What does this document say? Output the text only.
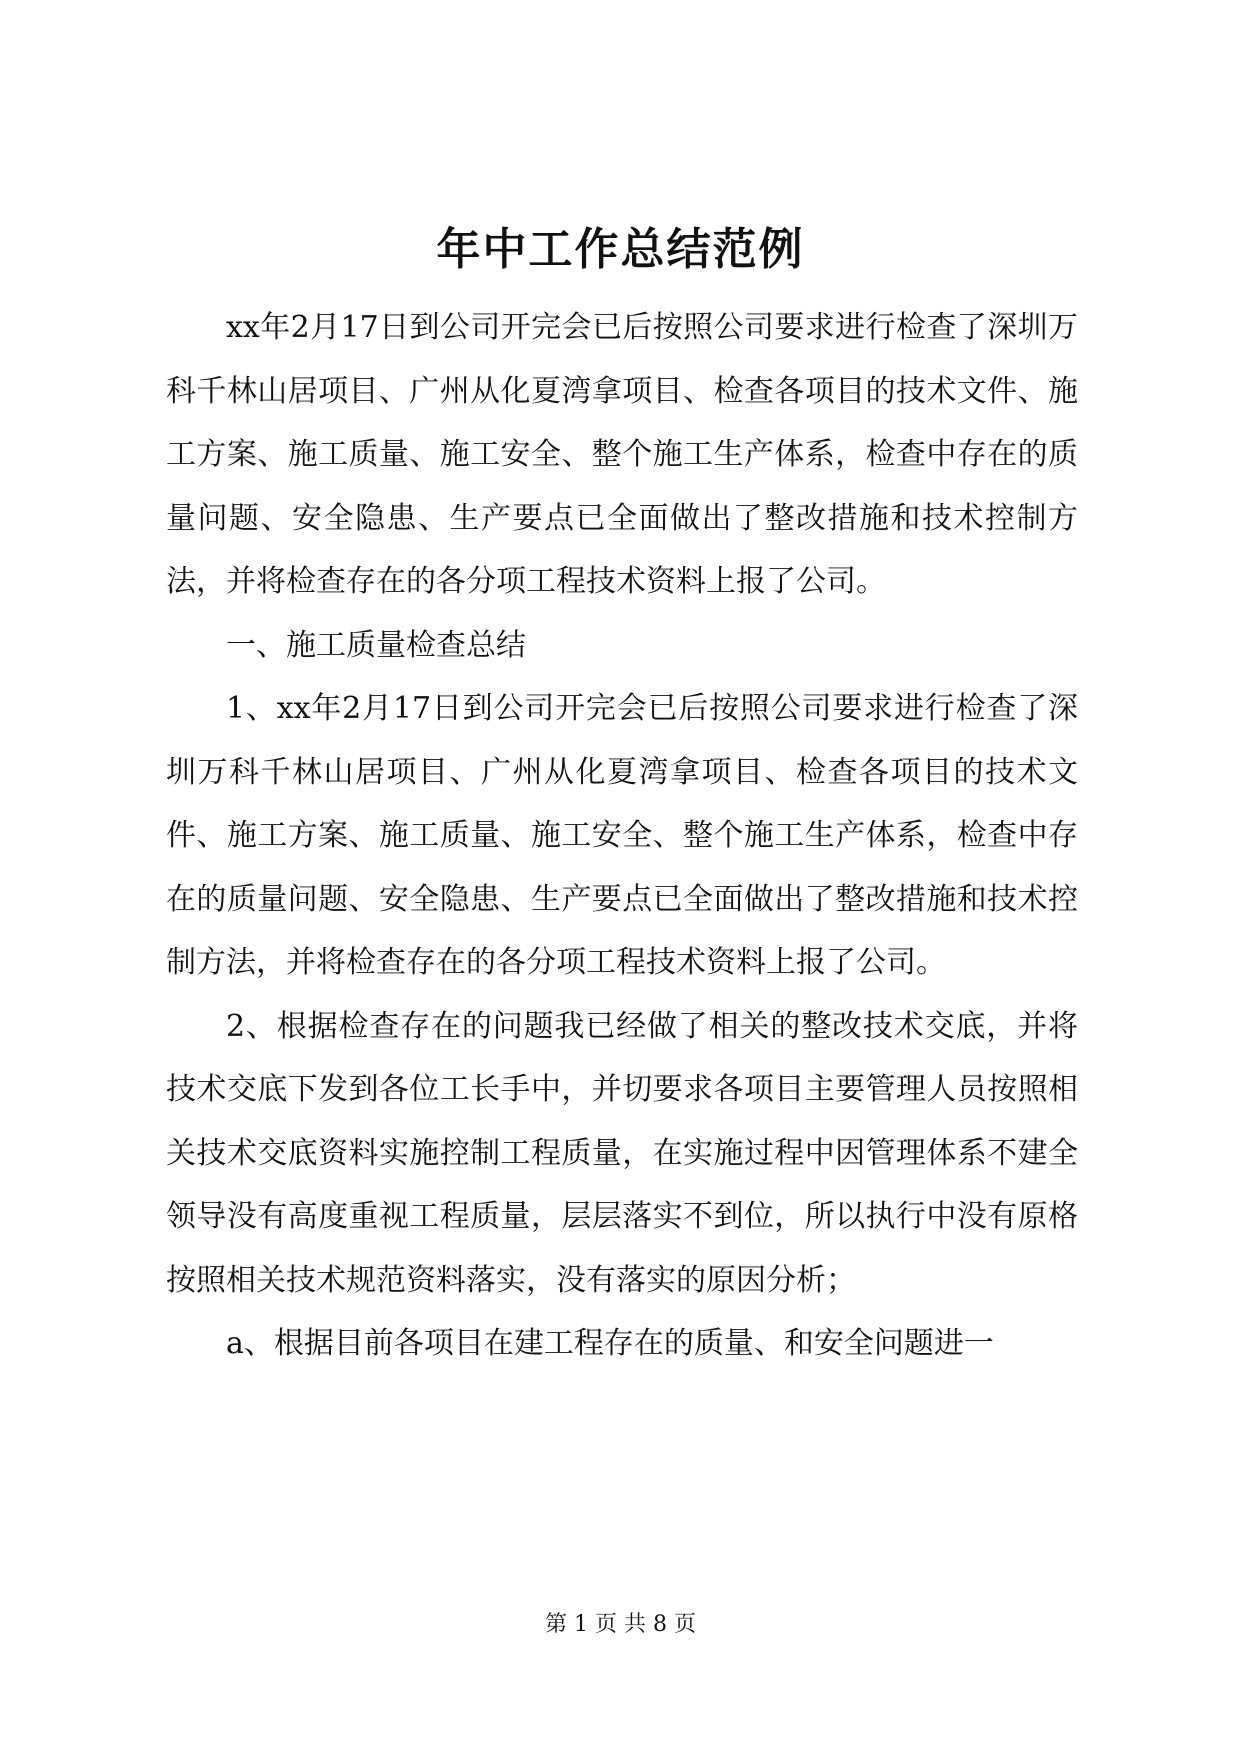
年中工作总结范例

xx年2月17日到公司开完会已后按照公司要求进行检查了深圳万科千林山居项目、广州从化夏湾拿项目、检查各项目的技术文件、施工方案、施工质量、施工安全、整个施工生产体系，检查中存在的质量问题、安全隐患、生产要点已全面做出了整改措施和技术控制方法，并将检查存在的各分项工程技术资料上报了公司。

一、施工质量检查总结

1、xx年2月17日到公司开完会已后按照公司要求进行检查了深圳万科千林山居项目、广州从化夏湾拿项目、检查各项目的技术文件、施工方案、施工质量、施工安全、整个施工生产体系，检查中存在的质量问题、安全隐患、生产要点已全面做出了整改措施和技术控制方法，并将检查存在的各分项工程技术资料上报了公司。

2、根据检查存在的问题我已经做了相关的整改技术交底，并将技术交底下发到各位工长手中，并切要求各项目主要管理人员按照相关技术交底资料实施控制工程质量，在实施过程中因管理体系不建全领导没有高度重视工程质量，层层落实不到位，所以执行中没有原格按照相关技术规范资料落实，没有落实的原因分析；

a、根据目前各项目在建工程存在的质量、和安全问题进一

第 1 页 共 8 页
